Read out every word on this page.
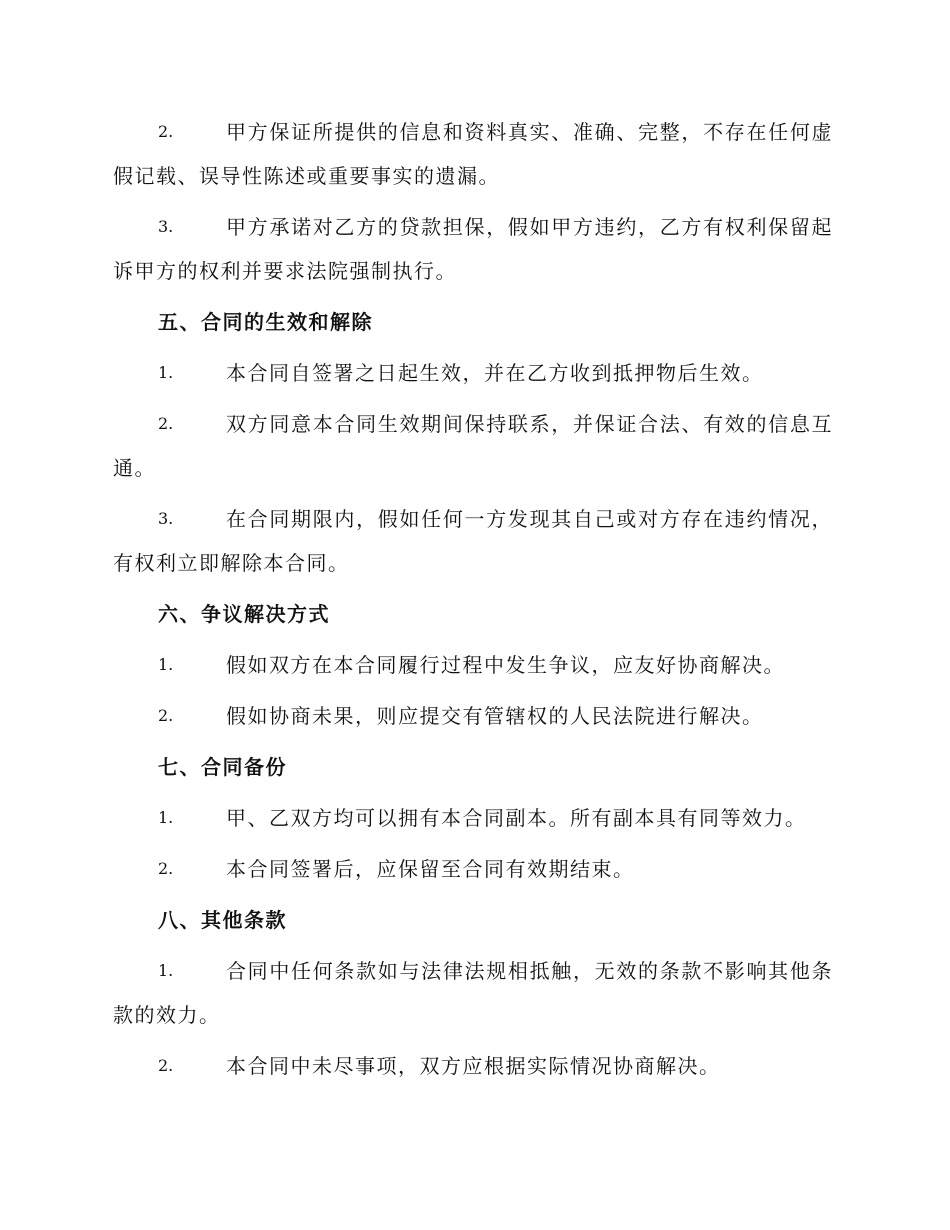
2.	甲方保证所提供的信息和资料真实、准确、完整，不存在任何虚假记载、误导性陈述或重要事实的遗漏。
3.	甲方承诺对乙方的贷款担保，假如甲方违约，乙方有权利保留起诉甲方的权利并要求法院强制执行。
五、合同的生效和解除
1.	本合同自签署之日起生效，并在乙方收到抵押物后生效。
2.	双方同意本合同生效期间保持联系，并保证合法、有效的信息互通。
3.	在合同期限内，假如任何一方发现其自己或对方存在违约情况，有权利立即解除本合同。
六、争议解决方式
1.	假如双方在本合同履行过程中发生争议，应友好协商解决。
2.	假如协商未果，则应提交有管辖权的人民法院进行解决。
七、合同备份
1.	甲、乙双方均可以拥有本合同副本。所有副本具有同等效力。
2.	本合同签署后，应保留至合同有效期结束。
八、其他条款
1.	合同中任何条款如与法律法规相抵触，无效的条款不影响其他条款的效力。
2.	本合同中未尽事项，双方应根据实际情况协商解决。
